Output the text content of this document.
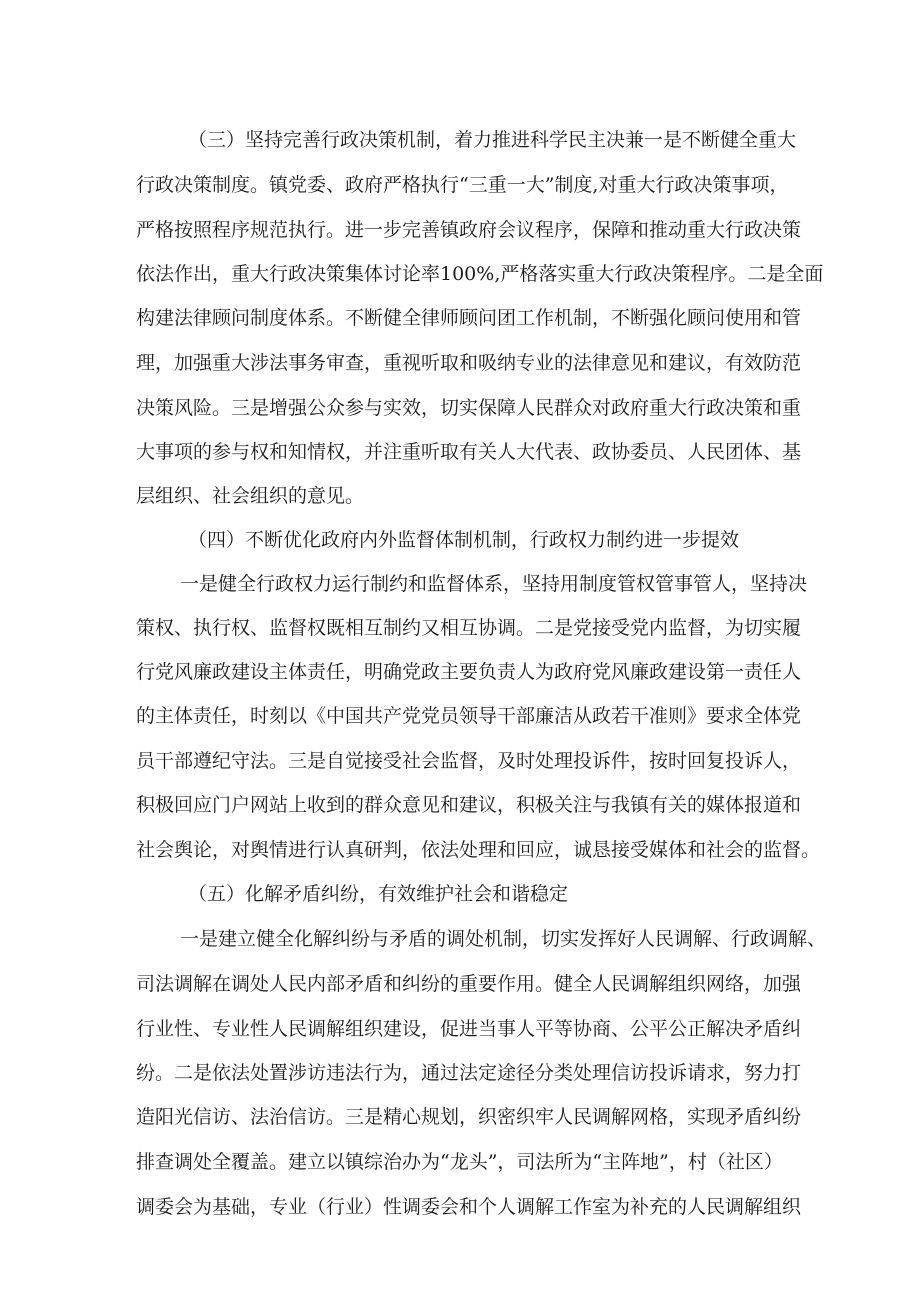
（三）坚持完善行政决策机制，着力推进科学民主决兼一是不断健全重大
行政决策制度。镇党委、政府严格执行“三重一大”制度,对重大行政决策事项，
严格按照程序规范执行。进一步完善镇政府会议程序，保障和推动重大行政决策
依法作出，重大行政决策集体讨论率100%,严格落实重大行政决策程序。二是全面
构建法律顾问制度体系。不断健全律师顾问团工作机制，不断强化顾问使用和管
理，加强重大涉法事务审查，重视听取和吸纳专业的法律意见和建议，有效防范
决策风险。三是增强公众参与实效，切实保障人民群众对政府重大行政决策和重
大事项的参与权和知情权，并注重听取有关人大代表、政协委员、人民团体、基
层组织、社会组织的意见。
（四）不断优化政府内外监督体制机制，行政权力制约进一步提效
一是健全行政权力运行制约和监督体系，坚持用制度管权管事管人，坚持决
策权、执行权、监督权既相互制约又相互协调。二是党接受党内监督，为切实履
行党风廉政建设主体责任，明确党政主要负责人为政府党风廉政建设第一责任人
的主体责任，时刻以《中国共产党党员领导干部廉洁从政若干准则》要求全体党
员干部遵纪守法。三是自觉接受社会监督，及时处理投诉件，按时回复投诉人，
积极回应门户网站上收到的群众意见和建议，积极关注与我镇有关的媒体报道和
社会舆论，对舆情进行认真研判，依法处理和回应，诚恳接受媒体和社会的监督。
（五）化解矛盾纠纷，有效维护社会和谐稳定
一是建立健全化解纠纷与矛盾的调处机制，切实发挥好人民调解、行政调解、
司法调解在调处人民内部矛盾和纠纷的重要作用。健全人民调解组织网络，加强
行业性、专业性人民调解组织建设，促进当事人平等协商、公平公正解决矛盾纠
纷。二是依法处置涉访违法行为，通过法定途径分类处理信访投诉请求，努力打
造阳光信访、法治信访。三是精心规划，织密织牢人民调解网格，实现矛盾纠纷
排查调处全覆盖。建立以镇综治办为“龙头”，司法所为“主阵地”，村（社区）
调委会为基础，专业（行业）性调委会和个人调解工作室为补充的人民调解组织
